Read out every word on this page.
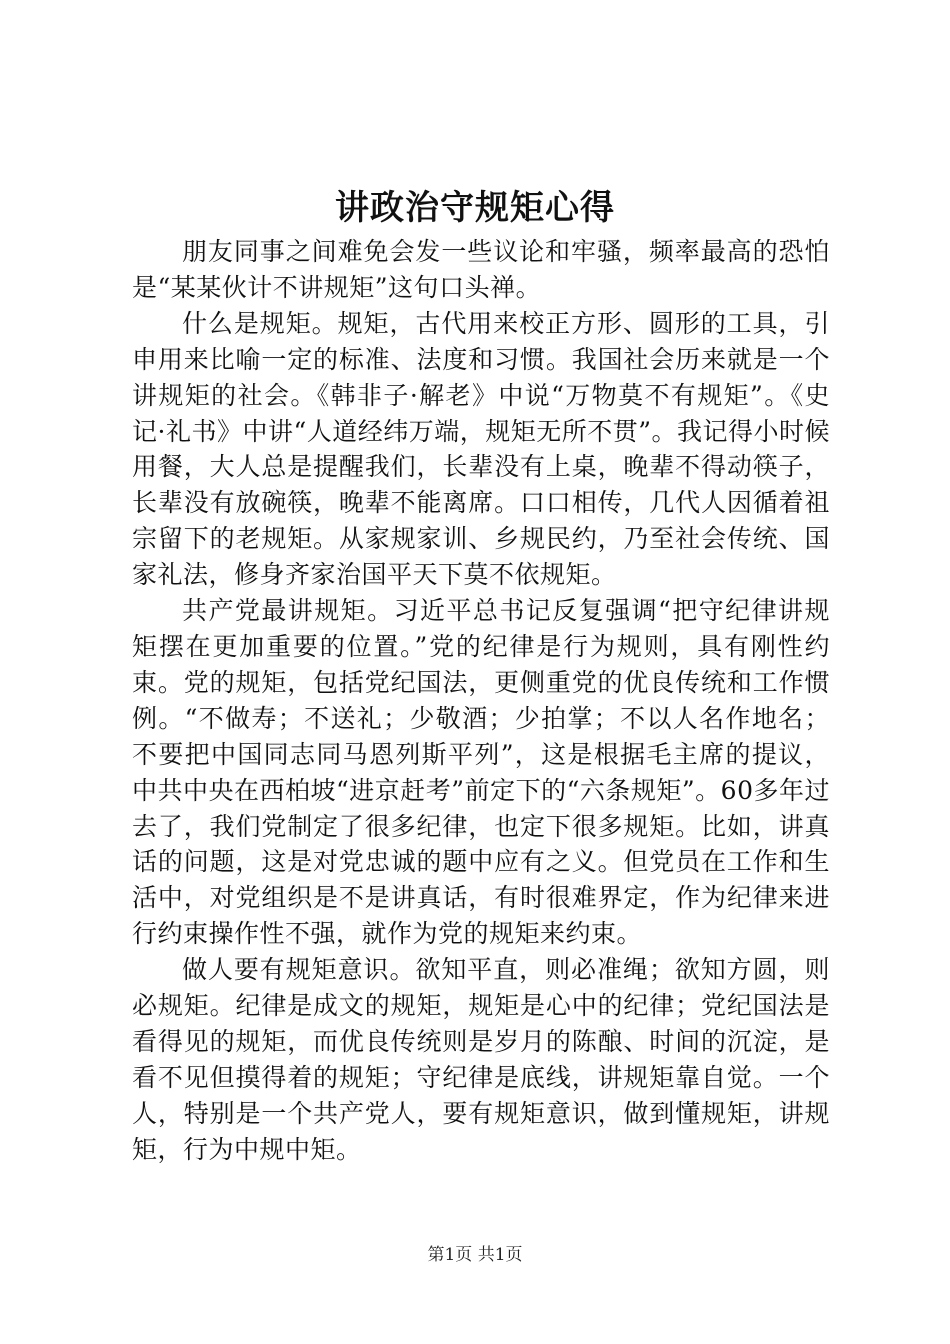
讲政治守规矩心得

朋友同事之间难免会发一些议论和牢骚，频率最高的恐怕是“某某伙计不讲规矩”这句口头禅。

什么是规矩。规矩，古代用来校正方形、圆形的工具，引申用来比喻一定的标准、法度和习惯。我国社会历来就是一个讲规矩的社会。《韩非子·解老》中说“万物莫不有规矩”。《史记·礼书》中讲“人道经纬万端，规矩无所不贯”。我记得小时候用餐，大人总是提醒我们，长辈没有上桌，晚辈不得动筷子，长辈没有放碗筷，晚辈不能离席。口口相传，几代人因循着祖宗留下的老规矩。从家规家训、乡规民约，乃至社会传统、国家礼法，修身齐家治国平天下莫不依规矩。

共产党最讲规矩。习近平总书记反复强调“把守纪律讲规矩摆在更加重要的位置。”党的纪律是行为规则，具有刚性约束。党的规矩，包括党纪国法，更侧重党的优良传统和工作惯例。“不做寿；不送礼；少敬酒；少拍掌；不以人名作地名；不要把中国同志同马恩列斯平列”，这是根据毛主席的提议，中共中央在西柏坡“进京赶考”前定下的“六条规矩”。60多年过去了，我们党制定了很多纪律，也定下很多规矩。比如，讲真话的问题，这是对党忠诚的题中应有之义。但党员在工作和生活中，对党组织是不是讲真话，有时很难界定，作为纪律来进行约束操作性不强，就作为党的规矩来约束。

做人要有规矩意识。欲知平直，则必准绳；欲知方圆，则必规矩。纪律是成文的规矩，规矩是心中的纪律；党纪国法是看得见的规矩，而优良传统则是岁月的陈酿、时间的沉淀，是看不见但摸得着的规矩；守纪律是底线，讲规矩靠自觉。一个人，特别是一个共产党人，要有规矩意识，做到懂规矩，讲规矩，行为中规中矩。

第1页 共1页
